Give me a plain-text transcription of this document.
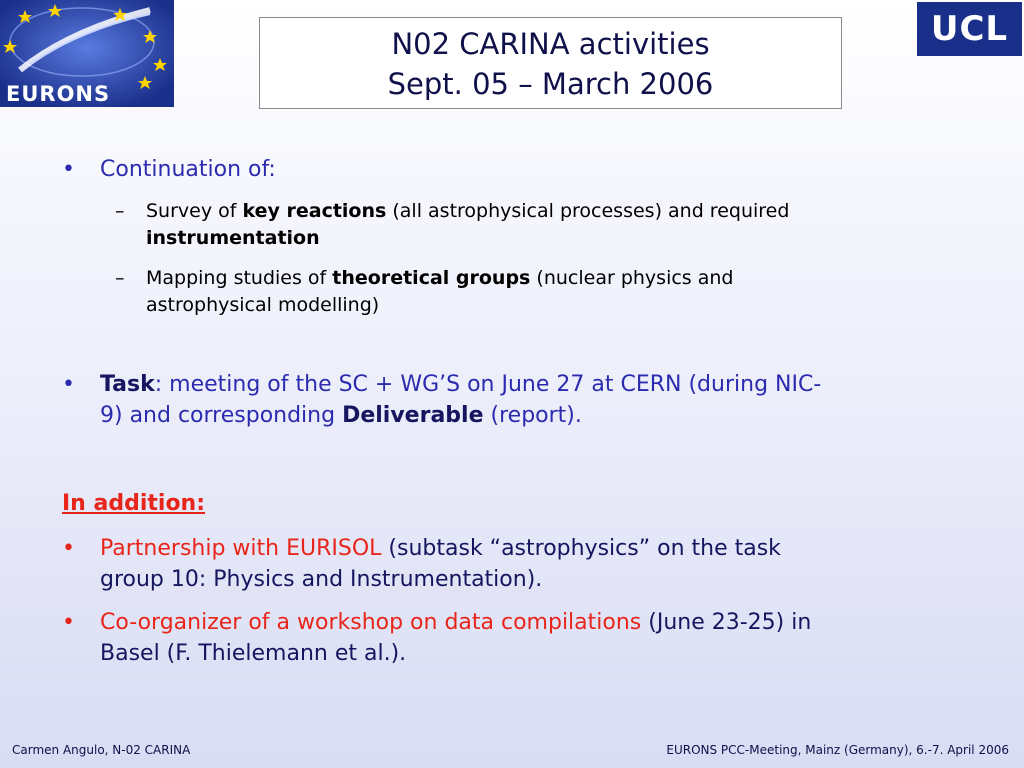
EURONS
N02 CARINA activities
Sept. 05 – March 2006
UCL
• Continuation of:
– Survey of key reactions (all astrophysical processes) and required
instrumentation
– Mapping studies of theoretical groups (nuclear physics and
astrophysical modelling)
• Task: meeting of the SC + WG’S on June 27 at CERN (during NIC-
9) and corresponding Deliverable (report).
In addition:
• Partnership with EURISOL (subtask “astrophysics” on the task
group 10: Physics and Instrumentation).
• Co-organizer of a workshop on data compilations (June 23-25) in
Basel (F. Thielemann et al.).
Carmen Angulo, N-02 CARINA	EURONS PCC-Meeting, Mainz (Germany), 6.-7. April 2006
